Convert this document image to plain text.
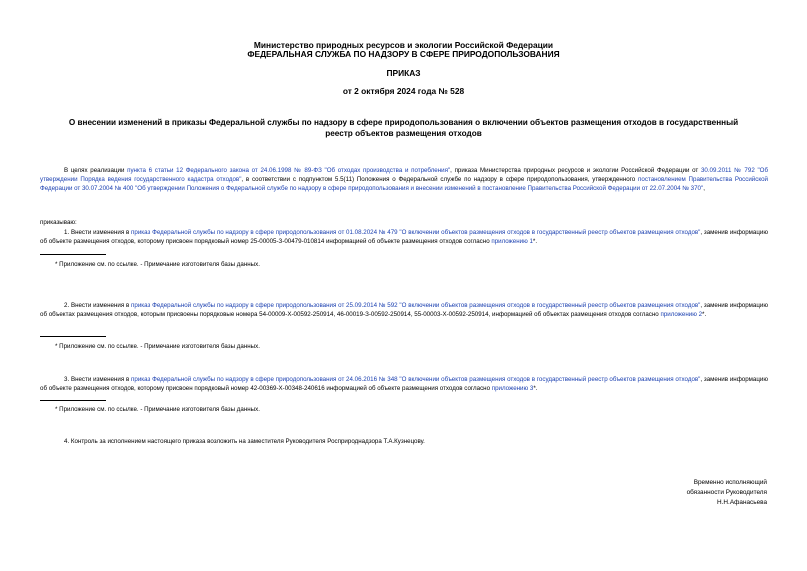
Министерство природных ресурсов и экологии Российской Федерации
ФЕДЕРАЛЬНАЯ СЛУЖБА ПО НАДЗОРУ В СФЕРЕ ПРИРОДОПОЛЬЗОВАНИЯ
ПРИКАЗ
от 2 октября 2024 года № 528
О внесении изменений в приказы Федеральной службы по надзору в сфере природопользования о включении объектов размещения отходов в государственный реестр объектов размещения отходов
В целях реализации пункта 6 статьи 12 Федерального закона от 24.06.1998 № 89-ФЗ "Об отходах производства и потребления", приказа Министерства природных ресурсов и экологии Российской Федерации от 30.09.2011 № 792 "Об утверждении Порядка ведения государственного кадастра отходов", в соответствии с подпунктом 5.5(11) Положения о Федеральной службе по надзору в сфере природопользования, утвержденного постановлением Правительства Российской Федерации от 30.07.2004 № 400 "Об утверждении Положения о Федеральной службе по надзору в сфере природопользования и внесении изменений в постановление Правительства Российской Федерации от 22.07.2004 № 370",
приказываю:
1. Внести изменения в приказ Федеральной службы по надзору в сфере природопользования от 01.08.2024 № 479 "О включении объектов размещения отходов в государственный реестр объектов размещения отходов", заменив информацию об объекте размещения отходов, которому присвоен порядковый номер 25-00005-З-00479-010814 информацией об объекте размещения отходов согласно приложению 1*.
* Приложение см. по ссылке. - Примечание изготовителя базы данных.
2. Внести изменения в приказ Федеральной службы по надзору в сфере природопользования от 25.09.2014 № 592 "О включении объектов размещения отходов в государственный реестр объектов размещения отходов", заменив информацию об объектах размещения отходов, которым присвоены порядковые номера 54-00009-Х-00592-250914, 46-00019-З-00592-250914, 55-00003-Х-00592-250914, информацией об объектах размещения отходов согласно приложению 2*.
* Приложение см. по ссылке. - Примечание изготовителя базы данных.
3. Внести изменения в приказ Федеральной службы по надзору в сфере природопользования от 24.06.2016 № 348 "О включении объектов размещения отходов в государственный реестр объектов размещения отходов", заменив информацию об объекте размещения отходов, которому присвоен порядковый номер 42-00369-Х-00348-240616 информацией об объекте размещения отходов согласно приложению 3*.
* Приложение см. по ссылке. - Примечание изготовителя базы данных.
4. Контроль за исполнением настоящего приказа возложить на заместителя Руководителя Росприроднадзора Т.А.Кузнецову.
Временно исполняющий
обязанности Руководителя
Н.Н.Афанасьева
